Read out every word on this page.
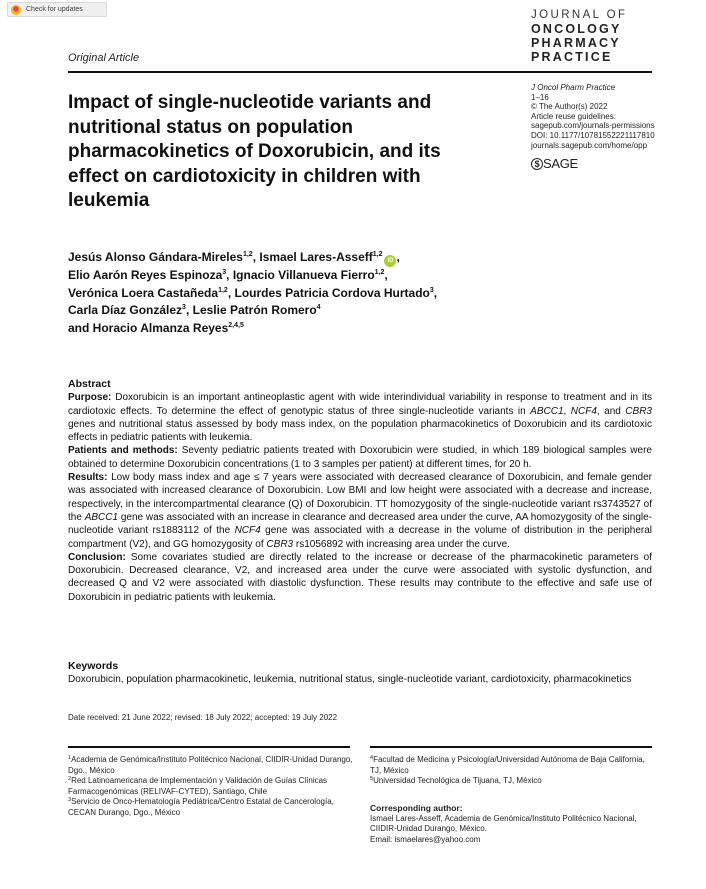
Check for updates	JOURNAL OF
ONCOLOGY
PHARMACY
PRACTICE
Original Article
J Oncol Pharm Practice
1–16
© The Author(s) 2022
Article reuse guidelines:
sagepub.com/journals-permissions
DOI: 10.1177/10781552221117810
journals.sagepub.com/home/opp
$ SAGE
Impact of single-nucleotide variants and nutritional status on population pharmacokinetics of Doxorubicin, and its effect on cardiotoxicity in children with leukemia
Jesús Alonso Gándara-Mireles$^{1,2}$, Ismael Lares-Asseff$^{1,2}$iD ,
Elio Aarón Reyes Espinoza$^3$, Ignacio Villanueva Fierro$^{1,2}$,
Verónica Loera Castañeda$^{1,2}$, Lourdes Patricia Cordova Hurtado$^3$,
Carla Díaz González$^3$, Leslie Patrón Romero$^4$
and Horacio Almanza Reyes$^{2,4,5}$
Abstract

Purpose: Doxorubicin is an important antineoplastic agent with wide interindividual variability in response to treatment and in its cardiotoxic effects. To determine the effect of genotypic status of three single-nucleotide variants in ABCC1, NCF4, and CBR3 genes and nutritional status assessed by body mass index, on the population pharmacokinetics of Doxorubicin and its cardiotoxic effects in pediatric patients with leukemia.

Patients and methods: Seventy pediatric patients treated with Doxorubicin were studied, in which 189 biological samples were obtained to determine Doxorubicin concentrations (1 to 3 samples per patient) at different times, for 20 h.

Results: Low body mass index and age ≤ 7 years were associated with decreased clearance of Doxorubicin, and female gender was associated with increased clearance of Doxorubicin. Low BMI and low height were associated with a decrease and increase, respectively, in the intercompartmental clearance (Q) of Doxorubicin. TT homozygosity of the single-nucleotide variant rs3743527 of the ABCC1 gene was associated with an increase in clearance and decreased area under the curve, AA homozygosity of the single-nucleotide variant rs1883112 of the NCF4 gene was associated with a decrease in the volume of distribution in the peripheral compartment (V2), and GG homozygosity of CBR3 rs1056892 with increasing area under the curve.

Conclusion: Some covariates studied are directly related to the increase or decrease of the pharmacokinetic parameters of Doxorubicin. Decreased clearance, V2, and increased area under the curve were associated with systolic dysfunction, and decreased Q and V2 were associated with diastolic dysfunction. These results may contribute to the effective and safe use of Doxorubicin in pediatric patients with leukemia.

Keywords
Doxorubicin, population pharmacokinetic, leukemia, nutritional status, single-nucleotide variant, cardiotoxicity, pharmacokinetics
Date received: 21 June 2022; revised: 18 July 2022; accepted: 19 July 2022
$^1$Academia de Genómica/Instituto Politécnico Nacional, CIIDIR-Unidad Durango, Dgo., México
$^2$Red Latinoamericana de Implementación y Validación de Guías Clínicas Farmacogenómicas (RELIVAF-CYTED), Santiago, Chile
$^3$Servicio de Onco-Hematología Pediátrica/Centro Estatal de Cancerología, CECAN Durango, Dgo., México
$^4$Facultad de Medicina y Psicología/Universidad Autónoma de Baja California, TJ, México
$^5$Universidad Tecnológica de Tijuana, TJ, México
Corresponding author:
Ismael Lares-Asseff, Academia de Genómica/Instituto Politécnico Nacional, CIIDIR-Unidad Durango, México.
Email: ismaelares@yahoo.com
